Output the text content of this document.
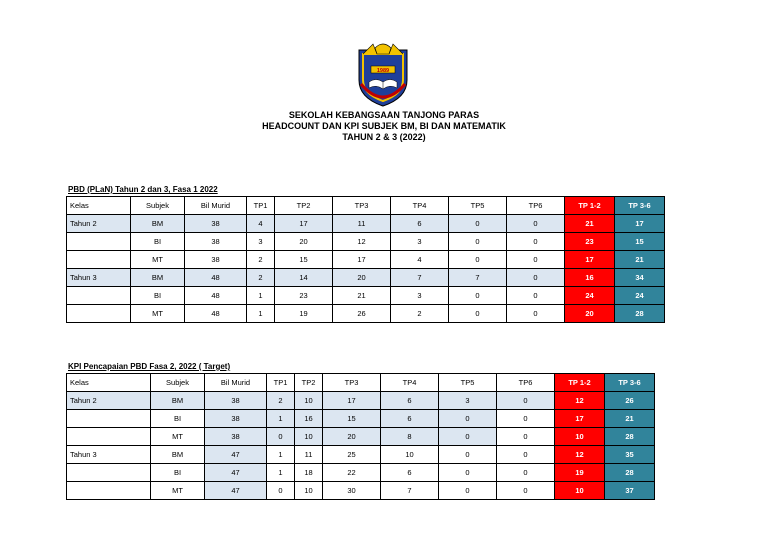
1989
SEKOLAH KEBANGSAAN TANJONG PARAS
HEADCOUNT DAN KPI SUBJEK BM, BI DAN MATEMATIK
TAHUN 2 & 3 (2022)
PBD (PLaN) Tahun 2 dan 3, Fasa 1 2022
Kelas	Subjek	Bil Murid	TP1	TP2	TP3	TP4	TP5	TP6	TP 1-2	TP 3-6
Tahun 2	BM	38	4	17	11	6	0	0	21	17
	BI	38	3	20	12	3	0	0	23	15
	MT	38	2	15	17	4	0	0	17	21
Tahun 3	BM	48	2	14	20	7	7	0	16	34
	BI	48	1	23	21	3	0	0	24	24
	MT	48	1	19	26	2	0	0	20	28
KPI Pencapaian PBD Fasa 2, 2022 ( Target)
Kelas	Subjek	Bil Murid	TP1	TP2	TP3	TP4	TP5	TP6	TP 1-2	TP 3-6
Tahun 2	BM	38	2	10	17	6	3	0	12	26
	BI	38	1	16	15	6	0	0	17	21
	MT	38	0	10	20	8	0	0	10	28
Tahun 3	BM	47	1	11	25	10	0	0	12	35
	BI	47	1	18	22	6	0	0	19	28
	MT	47	0	10	30	7	0	0	10	37
